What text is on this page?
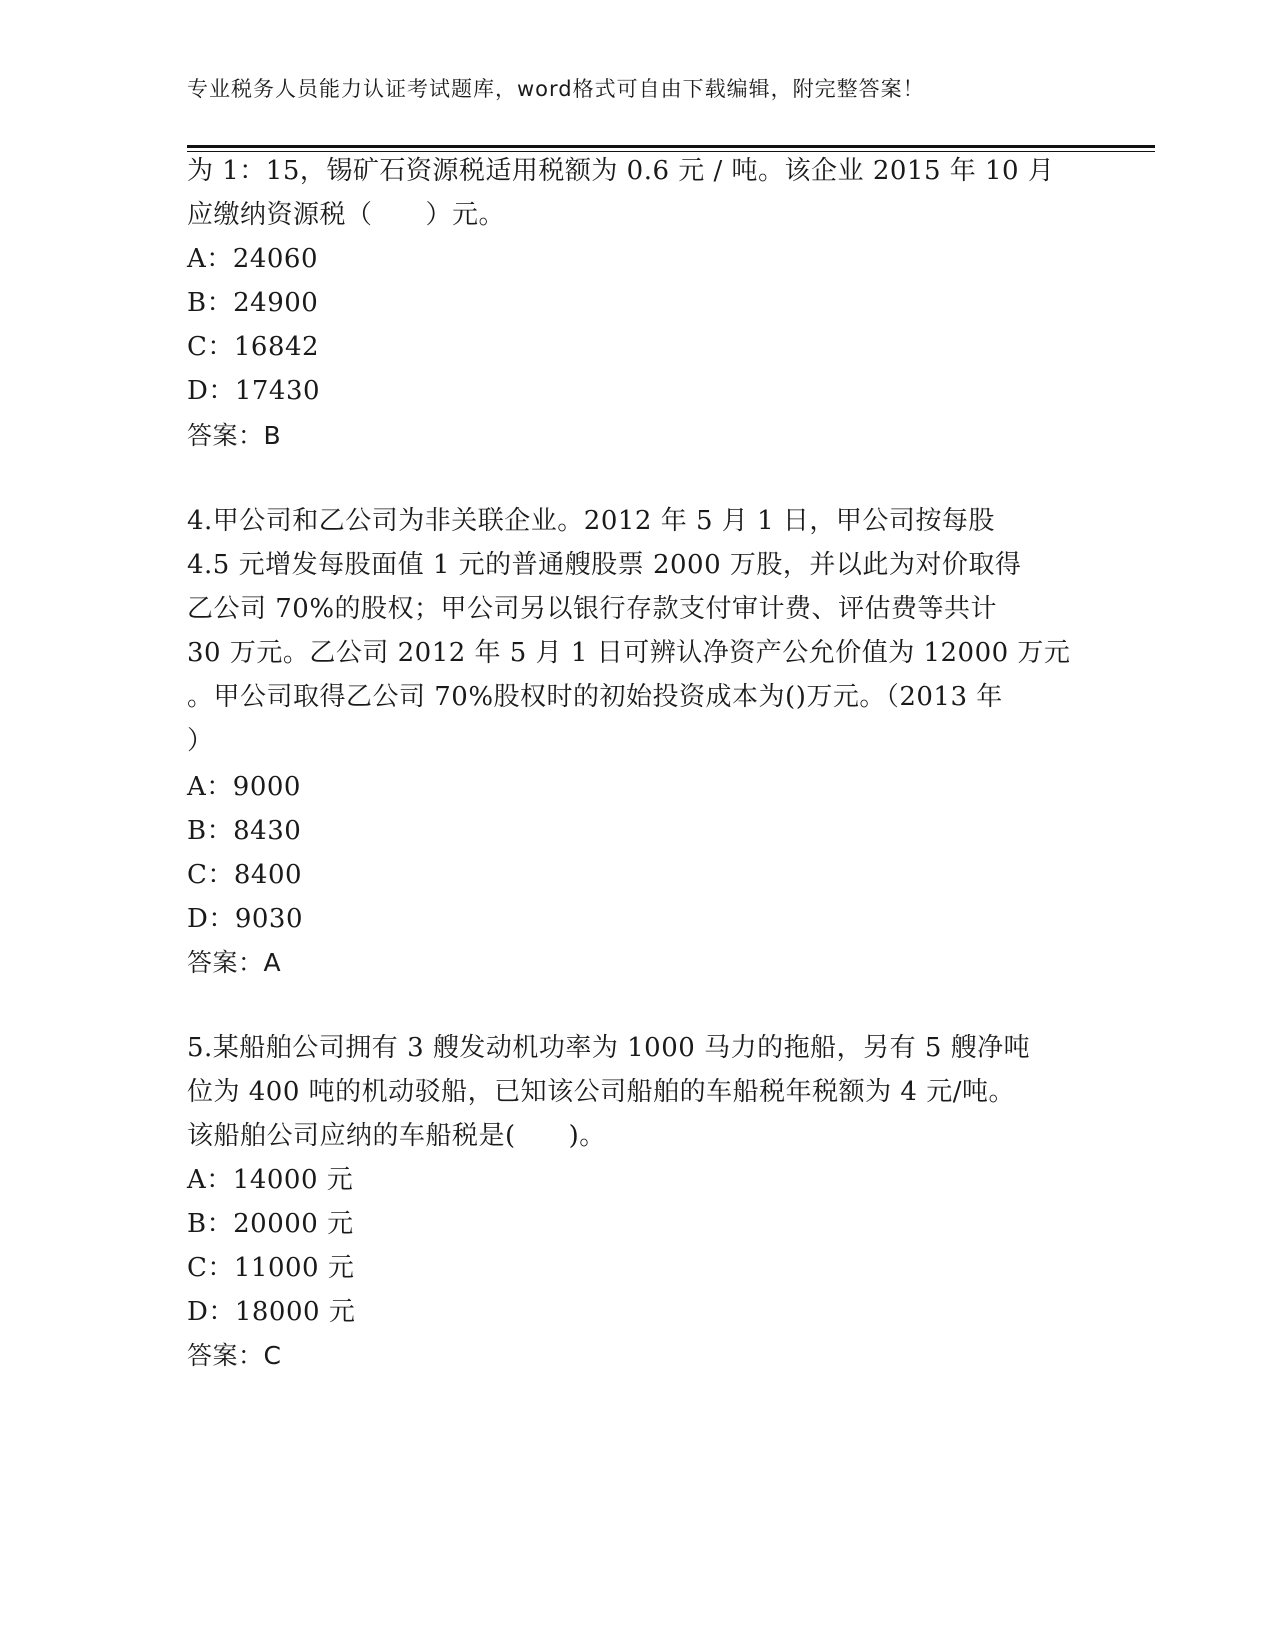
专业税务人员能力认证考试题库，word格式可自由下载编辑，附完整答案！
为 1：15，锡矿石资源税适用税额为 0.6 元 / 吨。该企业 2015 年 10 月
应缴纳资源税（　　）元。
A：24060
B：24900
C：16842
D：17430
答案：B
4.甲公司和乙公司为非关联企业。2012 年 5 月 1 日，甲公司按每股
4.5 元增发每股面值 1 元的普通艘股票 2000 万股，并以此为对价取得
乙公司 70%的股权；甲公司另以银行存款支付审计费、评估费等共计
30 万元。乙公司 2012 年 5 月 1 日可辨认净资产公允价值为 12000 万元
。甲公司取得乙公司 70%股权时的初始投资成本为()万元。（2013 年
）
A：9000
B：8430
C：8400
D：9030
答案：A
5.某船舶公司拥有 3 艘发动机功率为 1000 马力的拖船，另有 5 艘净吨
位为 400 吨的机动驳船，已知该公司船舶的车船税年税额为 4 元/吨。
该船舶公司应纳的车船税是(　　)。
A：14000 元
B：20000 元
C：11000 元
D：18000 元
答案：C
